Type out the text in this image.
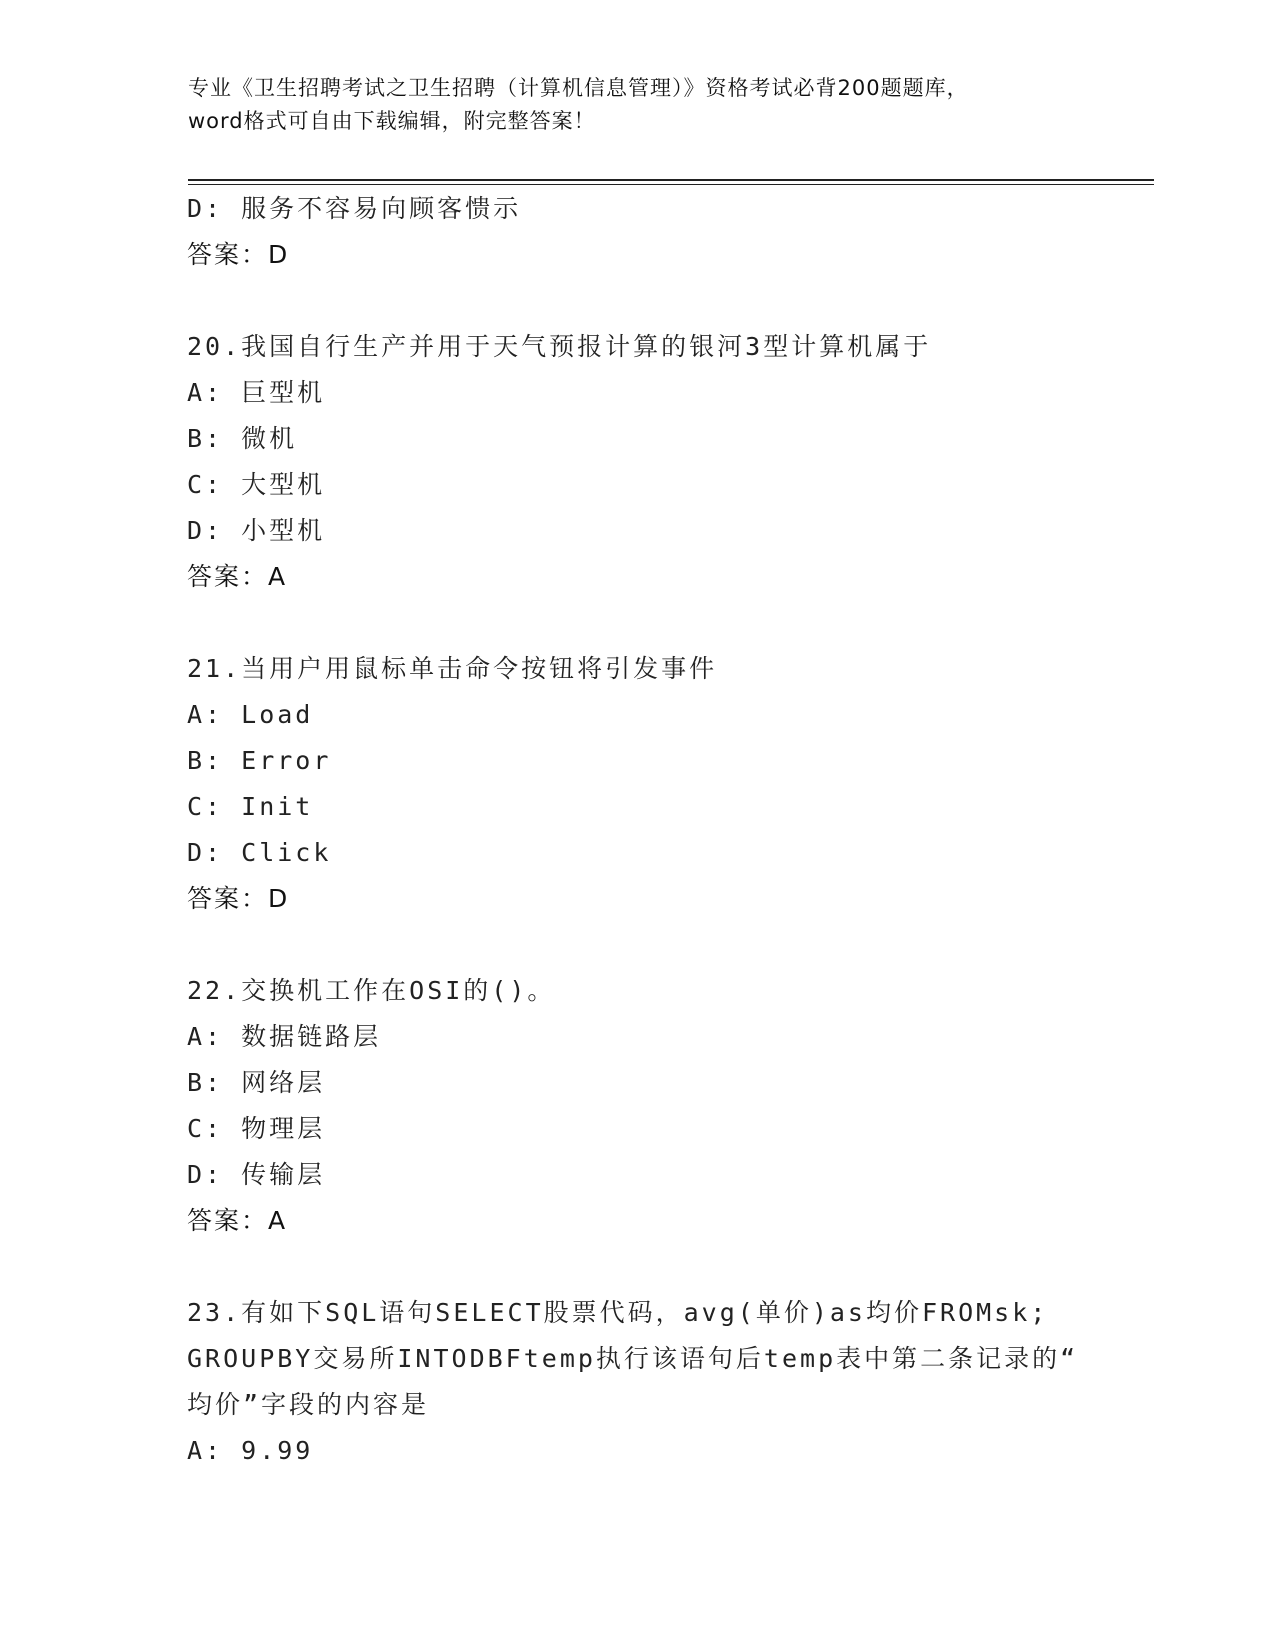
专业《卫生招聘考试之卫生招聘（计算机信息管理）》资格考试必背200题题库，
word格式可自由下载编辑，附完整答案！
D: 服务不容易向顾客愦示
答案：D
20.我国自行生产并用于天气预报计算的银河3型计算机属于
A: 巨型机
B: 微机
C: 大型机
D: 小型机
答案：A
21.当用户用鼠标单击命令按钮将引发事件
A: Load
B: Error
C: Init
D: Click
答案：D
22.交换机工作在OSI的()。
A: 数据链路层
B: 网络层
C: 物理层
D: 传输层
答案：A
23.有如下SQL语句SELECT股票代码，avg(单价)as均价FROMsk;
GROUPBY交易所INTODBFtemp执行该语句后temp表中第二条记录的“
均价”字段的内容是
A: 9.99
